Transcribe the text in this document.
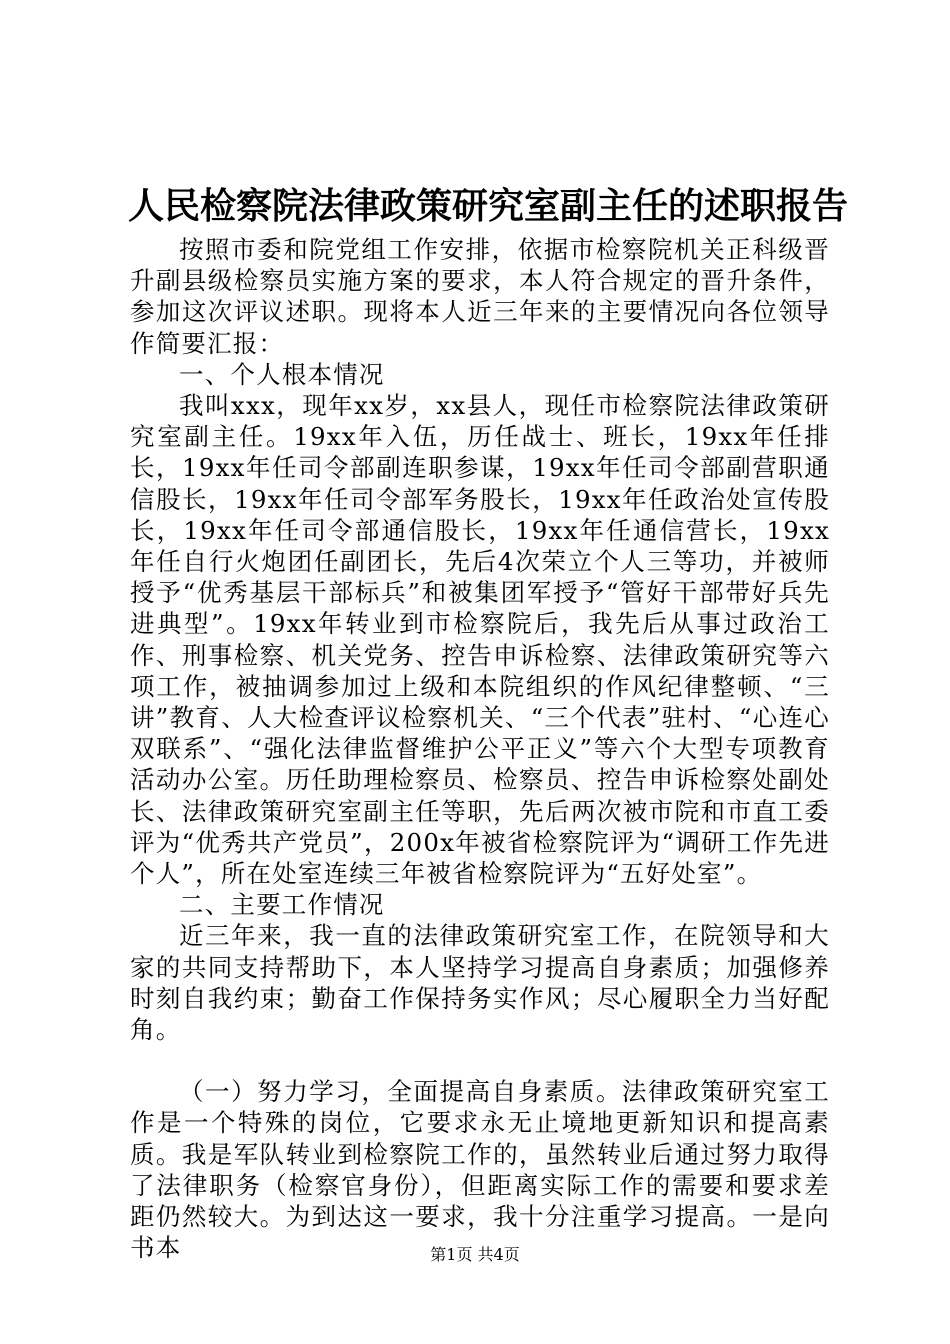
人民检察院法律政策研究室副主任的述职报告

按照市委和院党组工作安排，依据市检察院机关正科级晋升副县级检察员实施方案的要求，本人符合规定的晋升条件，参加这次评议述职。现将本人近三年来的主要情况向各位领导作简要汇报：

一、个人根本情况

我叫xxx，现年xx岁，xx县人，现任市检察院法律政策研究室副主任。19xx年入伍，历任战士、班长，19xx年任排长，19xx年任司令部副连职参谋，19xx年任司令部副营职通信股长，19xx年任司令部军务股长，19xx年任政治处宣传股长，19xx年任司令部通信股长，19xx年任通信营长，19xx年任自行火炮团任副团长，先后4次荣立个人三等功，并被师授予“优秀基层干部标兵”和被集团军授予“管好干部带好兵先进典型”。19xx年转业到市检察院后，我先后从事过政治工作、刑事检察、机关党务、控告申诉检察、法律政策研究等六项工作，被抽调参加过上级和本院组织的作风纪律整顿、“三讲”教育、人大检查评议检察机关、“三个代表”驻村、“心连心双联系”、“强化法律监督维护公平正义”等六个大型专项教育活动办公室。历任助理检察员、检察员、控告申诉检察处副处长、法律政策研究室副主任等职，先后两次被市院和市直工委评为“优秀共产党员”，200x年被省检察院评为“调研工作先进个人”，所在处室连续三年被省检察院评为“五好处室”。

二、主要工作情况

近三年来，我一直的法律政策研究室工作，在院领导和大家的共同支持帮助下，本人坚持学习提高自身素质；加强修养时刻自我约束；勤奋工作保持务实作风；尽心履职全力当好配角。

（一）努力学习，全面提高自身素质。法律政策研究室工作是一个特殊的岗位，它要求永无止境地更新知识和提高素质。我是军队转业到检察院工作的，虽然转业后通过努力取得了法律职务（检察官身份），但距离实际工作的需要和要求差距仍然较大。为到达这一要求，我十分注重学习提高。一是向书本	第1页 共4页
